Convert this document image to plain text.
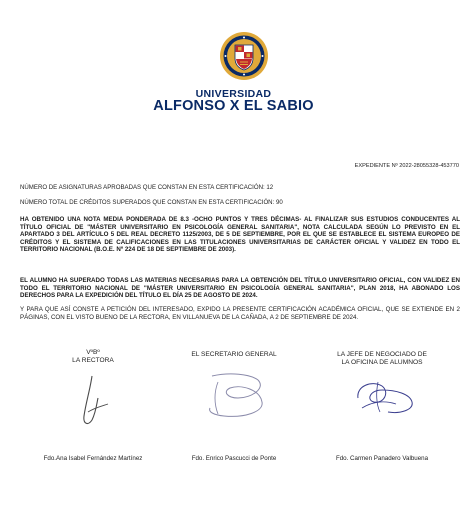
UNIVERSIDAD
ALFONSO X EL SABIO
EXPEDIENTE Nº 2022-28055328-453770
NÚMERO DE ASIGNATURAS APROBADAS QUE CONSTAN EN ESTA CERTIFICACIÓN: 12
NÚMERO TOTAL DE CRÉDITOS SUPERADOS QUE CONSTAN EN ESTA CERTIFICACIÓN: 90

HA OBTENIDO UNA NOTA MEDIA PONDERADA DE 8.3 -OCHO PUNTOS Y TRES DÉCIMAS- AL FINALIZAR SUS ESTUDIOS CONDUCENTES AL TÍTULO OFICIAL DE "MÁSTER UNIVERSITARIO EN PSICOLOGÍA GENERAL SANITARIA", NOTA CALCULADA SEGÚN LO PREVISTO EN EL APARTADO 3 DEL ARTÍCULO 5 DEL REAL DECRETO 1125/2003, DE 5 DE SEPTIEMBRE, POR EL QUE SE ESTABLECE EL SISTEMA EUROPEO DE CRÉDITOS Y EL SISTEMA DE CALIFICACIONES EN LAS TITULACIONES UNIVERSITARIAS DE CARÁCTER OFICIAL Y VALIDEZ EN TODO EL TERRITORIO NACIONAL (B.O.E. Nº 224 DE 18 DE SEPTIEMBRE DE 2003).

EL ALUMNO HA SUPERADO TODAS LAS MATERIAS NECESARIAS PARA LA OBTENCIÓN DEL TÍTULO UNIVERSITARIO OFICIAL, CON VALIDEZ EN TODO EL TERRITORIO NACIONAL DE "MÁSTER UNIVERSITARIO EN PSICOLOGÍA GENERAL SANITARIA", PLAN 2018, HA ABONADO LOS DERECHOS PARA LA EXPEDICIÓN DEL TÍTULO EL DÍA 25 DE AGOSTO DE 2024.

Y PARA QUE ASÍ CONSTE A PETICIÓN DEL INTERESADO, EXPIDO LA PRESENTE CERTIFICACIÓN ACADÉMICA OFICIAL, QUE SE EXTIENDE EN 2 PÁGINAS, CON EL VISTO BUENO DE LA RECTORA, EN VILLANUEVA DE LA CAÑADA, A 2 DE SEPTIEMBRE DE 2024.

VºBº
LA RECTORA
Fdo.Ana Isabel Fernández Martínez
EL SECRETARIO GENERAL
Fdo. Enrico Pascucci de Ponte
LA JEFE DE NEGOCIADO DE
LA OFICINA DE ALUMNOS
Fdo. Carmen Panadero Valbuena
